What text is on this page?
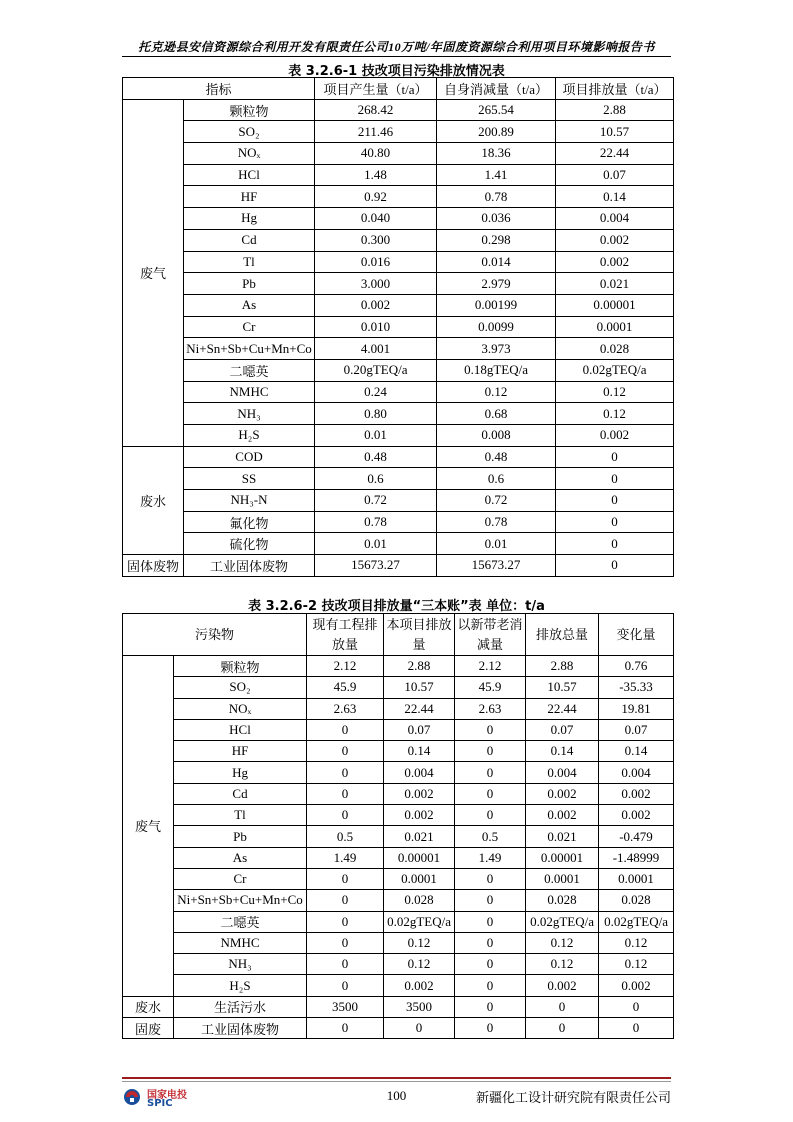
托克逊县安信资源综合利用开发有限责任公司10万吨/年固废资源综合利用项目环境影响报告书
表 3.2.6-1 技改项目污染排放情况表
指标		项目产生量（t/a）	自身消减量（t/a）	项目排放量（t/a）
废气	颗粒物	268.42	265.54	2.88
	SO₂	211.46	200.89	10.57
	NOₓ	40.80	18.36	22.44
	HCl	1.48	1.41	0.07
	HF	0.92	0.78	0.14
	Hg	0.040	0.036	0.004
	Cd	0.300	0.298	0.002
	Tl	0.016	0.014	0.002
	Pb	3.000	2.979	0.021
	As	0.002	0.00199	0.00001
	Cr	0.010	0.0099	0.0001
	Ni+Sn+Sb+Cu+Mn+Co	4.001	3.973	0.028
	二噁英	0.20gTEQ/a	0.18gTEQ/a	0.02gTEQ/a
	NMHC	0.24	0.12	0.12
	NH₃	0.80	0.68	0.12
	H₂S	0.01	0.008	0.002
废水	COD	0.48	0.48	0
	SS	0.6	0.6	0
	NH₃-N	0.72	0.72	0
	氟化物	0.78	0.78	0
	硫化物	0.01	0.01	0
固体废物	工业固体废物	15673.27	15673.27	0
表 3.2.6-2 技改项目排放量“三本账”表 单位：t/a
污染物		现有工程排放量	本项目排放量	以新带老消减量	排放总量	变化量
废气	颗粒物	2.12	2.88	2.12	2.88	0.76
	SO₂	45.9	10.57	45.9	10.57	-35.33
	NOₓ	2.63	22.44	2.63	22.44	19.81
	HCl	0	0.07	0	0.07	0.07
	HF	0	0.14	0	0.14	0.14
	Hg	0	0.004	0	0.004	0.004
	Cd	0	0.002	0	0.002	0.002
	Tl	0	0.002	0	0.002	0.002
	Pb	0.5	0.021	0.5	0.021	-0.479
	As	1.49	0.00001	1.49	0.00001	-1.48999
	Cr	0	0.0001	0	0.0001	0.0001
	Ni+Sn+Sb+Cu+Mn+Co	0	0.028	0	0.028	0.028
	二噁英	0	0.02gTEQ/a	0	0.02gTEQ/a	0.02gTEQ/a
	NMHC	0	0.12	0	0.12	0.12
	NH₃	0	0.12	0	0.12	0.12
	H₂S	0	0.002	0	0.002	0.002
废水	生活污水	3500	3500	0	0	0
固废	工业固体废物	0	0	0	0	0
国家电投
SPIC
100	新疆化工设计研究院有限责任公司
